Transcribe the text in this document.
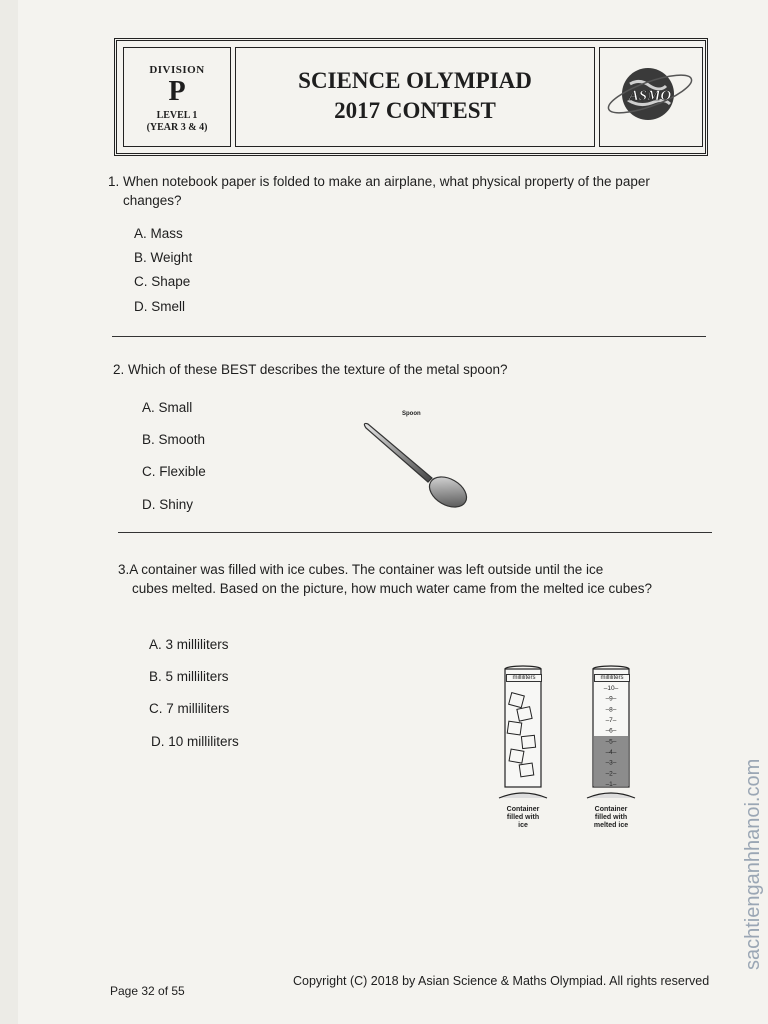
DIVISION
P
LEVEL 1
(YEAR 3 & 4)
SCIENCE OLYMPIAD
2017 CONTEST
ASMO
1. When notebook paper is folded to make an airplane, what physical property of the paper
changes?
A. Mass
B. Weight
C. Shape
D. Smell
2. Which of these BEST describes the texture of the metal spoon?
A. Small
B. Smooth
C. Flexible
D. Shiny
Spoon
3.A container was filled with ice cubes. The container was left outside until the ice
cubes melted. Based on the picture, how much water came from the melted ice cubes?
A. 3 milliliters
B. 5 milliliters
C. 7 milliliters
D. 10 milliliters
milliliters
Container
filled with
ice
–10–
–9–
–8–
–7–
–6–
–5–
–4–
–3–
–2–
–1–
milliliters
Container
filled with
melted ice
Page 32 of 55
Copyright (C) 2018 by Asian Science & Maths Olympiad. All rights reserved
sachtienganhhanoi.com
